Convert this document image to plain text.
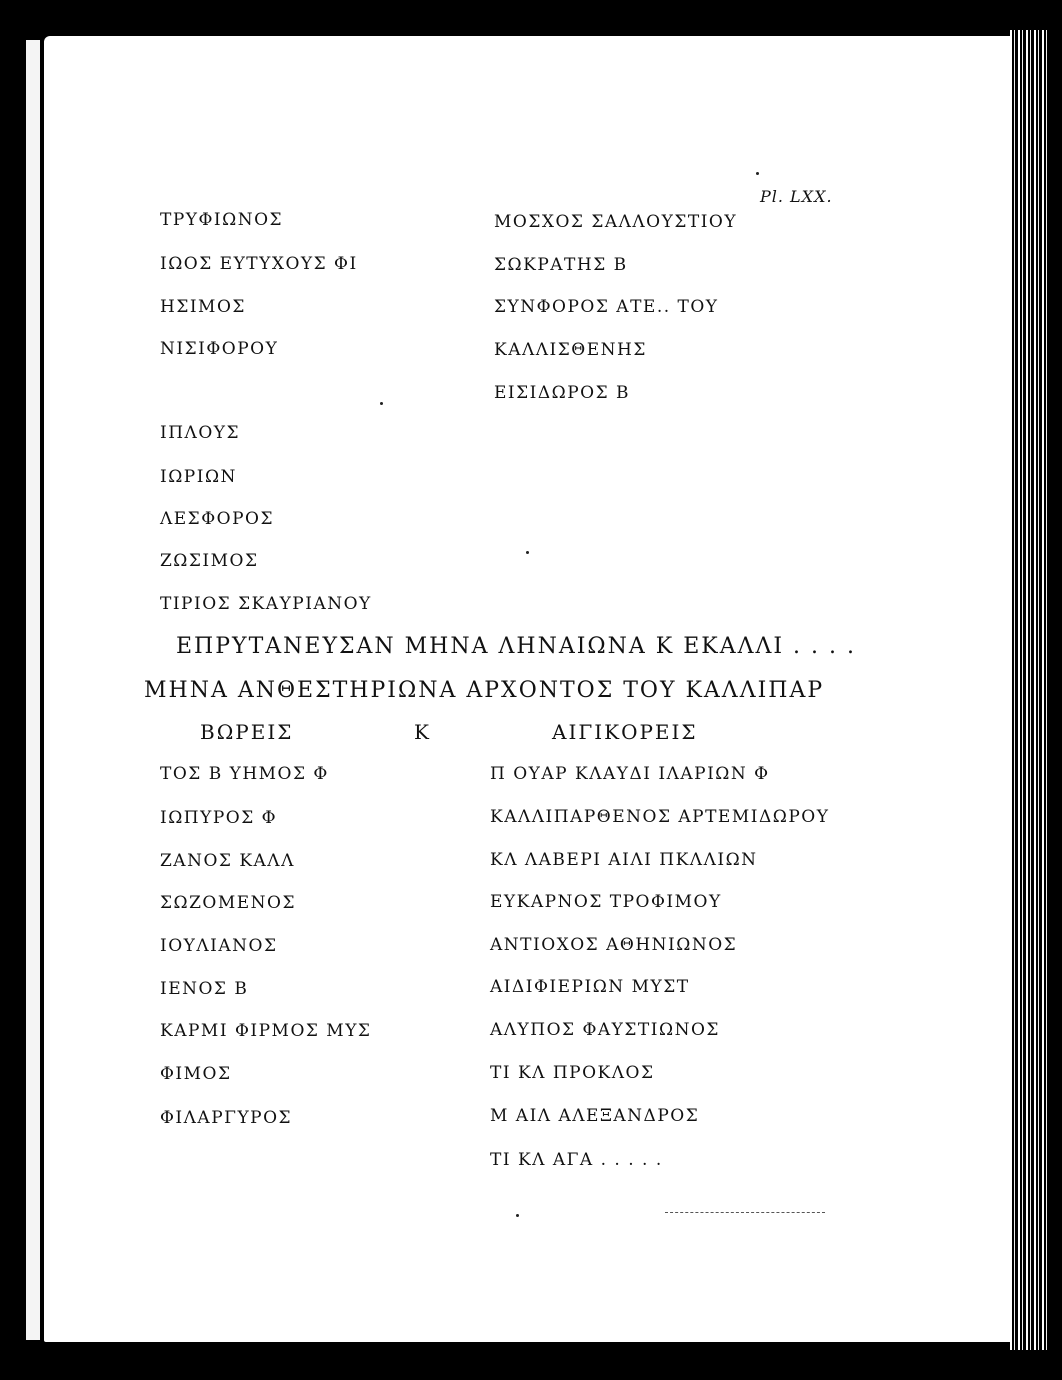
Pl. LXX.
ΤΡΥΦΙΩΝΟΣ
ΙΩΟΣ ΕΥΤΥΧΟΥΣ ΦΙ
ΗΣΙΜΟΣ
ΝΙΣΙΦΟΡΟΥ
ΙΠΛΟΥΣ
ΙΩΡΙΩΝ
ΛΕΣΦΟΡΟΣ
ΖΩΣΙΜΟΣ
ΤΙΡΙΟΣ ΣΚΑΥΡΙΑΝΟΥ
ΜΟΣΧΟΣ ΣΑΛΛΟΥΣΤΙΟΥ
ΣΩΚΡΑΤΗΣ Β
ΣΥΝΦΟΡΟΣ ΑΤΕ.. ΤΟΥ
ΚΑΛΛΙΣΘΕΝΗΣ
ΕΙΣΙΔΩΡΟΣ Β
ΕΠΡΥΤΑΝΕΥΣΑΝ ΜΗΝΑ ΛΗΝΑΙΩΝΑ Κ ΕΚΑΛΛΙ . . . .
ΜΗΝΑ ΑΝΘΕΣΤΗΡΙΩΝΑ ΑΡΧΟΝΤΟΣ ΤΟΥ ΚΑΛΛΙΠΑΡ
ΒΩΡΕΙΣ	Κ	ΑΙΓΙΚΟΡΕΙΣ
ΤΟΣ Β ΥΗΜΟΣ Φ
ΙΩΠΥΡΟΣ Φ
ΖΑΝΟΣ ΚΑΛΛ
ΣΩΖΟΜΕΝΟΣ
ΙΟΥΛΙΑΝΟΣ
ΙΕΝΟΣ Β
ΚΑΡΜΙ ΦΙΡΜΟΣ ΜΥΣ
ΦΙΜΟΣ
ΦΙΛΑΡΓΥΡΟΣ
Π ΟΥΑΡ ΚΛΑΥΔΙ ΙΛΑΡΙΩΝ Φ
ΚΑΛΛΙΠΑΡΘΕΝΟΣ ΑΡΤΕΜΙΔΩΡΟΥ
ΚΛ ΛΑΒΕΡΙ ΑΙΛΙ ΠΚΛΛΙΩΝ
ΕΥΚΑΡΝΟΣ ΤΡΟΦΙΜΟΥ
ΑΝΤΙΟΧΟΣ ΑΘΗΝΙΩΝΟΣ
ΑΙΔΙΦΙΕΡΙΩΝ ΜΥΣΤ
ΑΛΥΠΟΣ ΦΑΥΣΤΙΩΝΟΣ
ΤΙ ΚΛ ΠΡΟΚΛΟΣ
Μ ΑΙΛ ΑΛΕΞΑΝΔΡΟΣ
ΤΙ ΚΛ ΑΓΑ . . . . .
